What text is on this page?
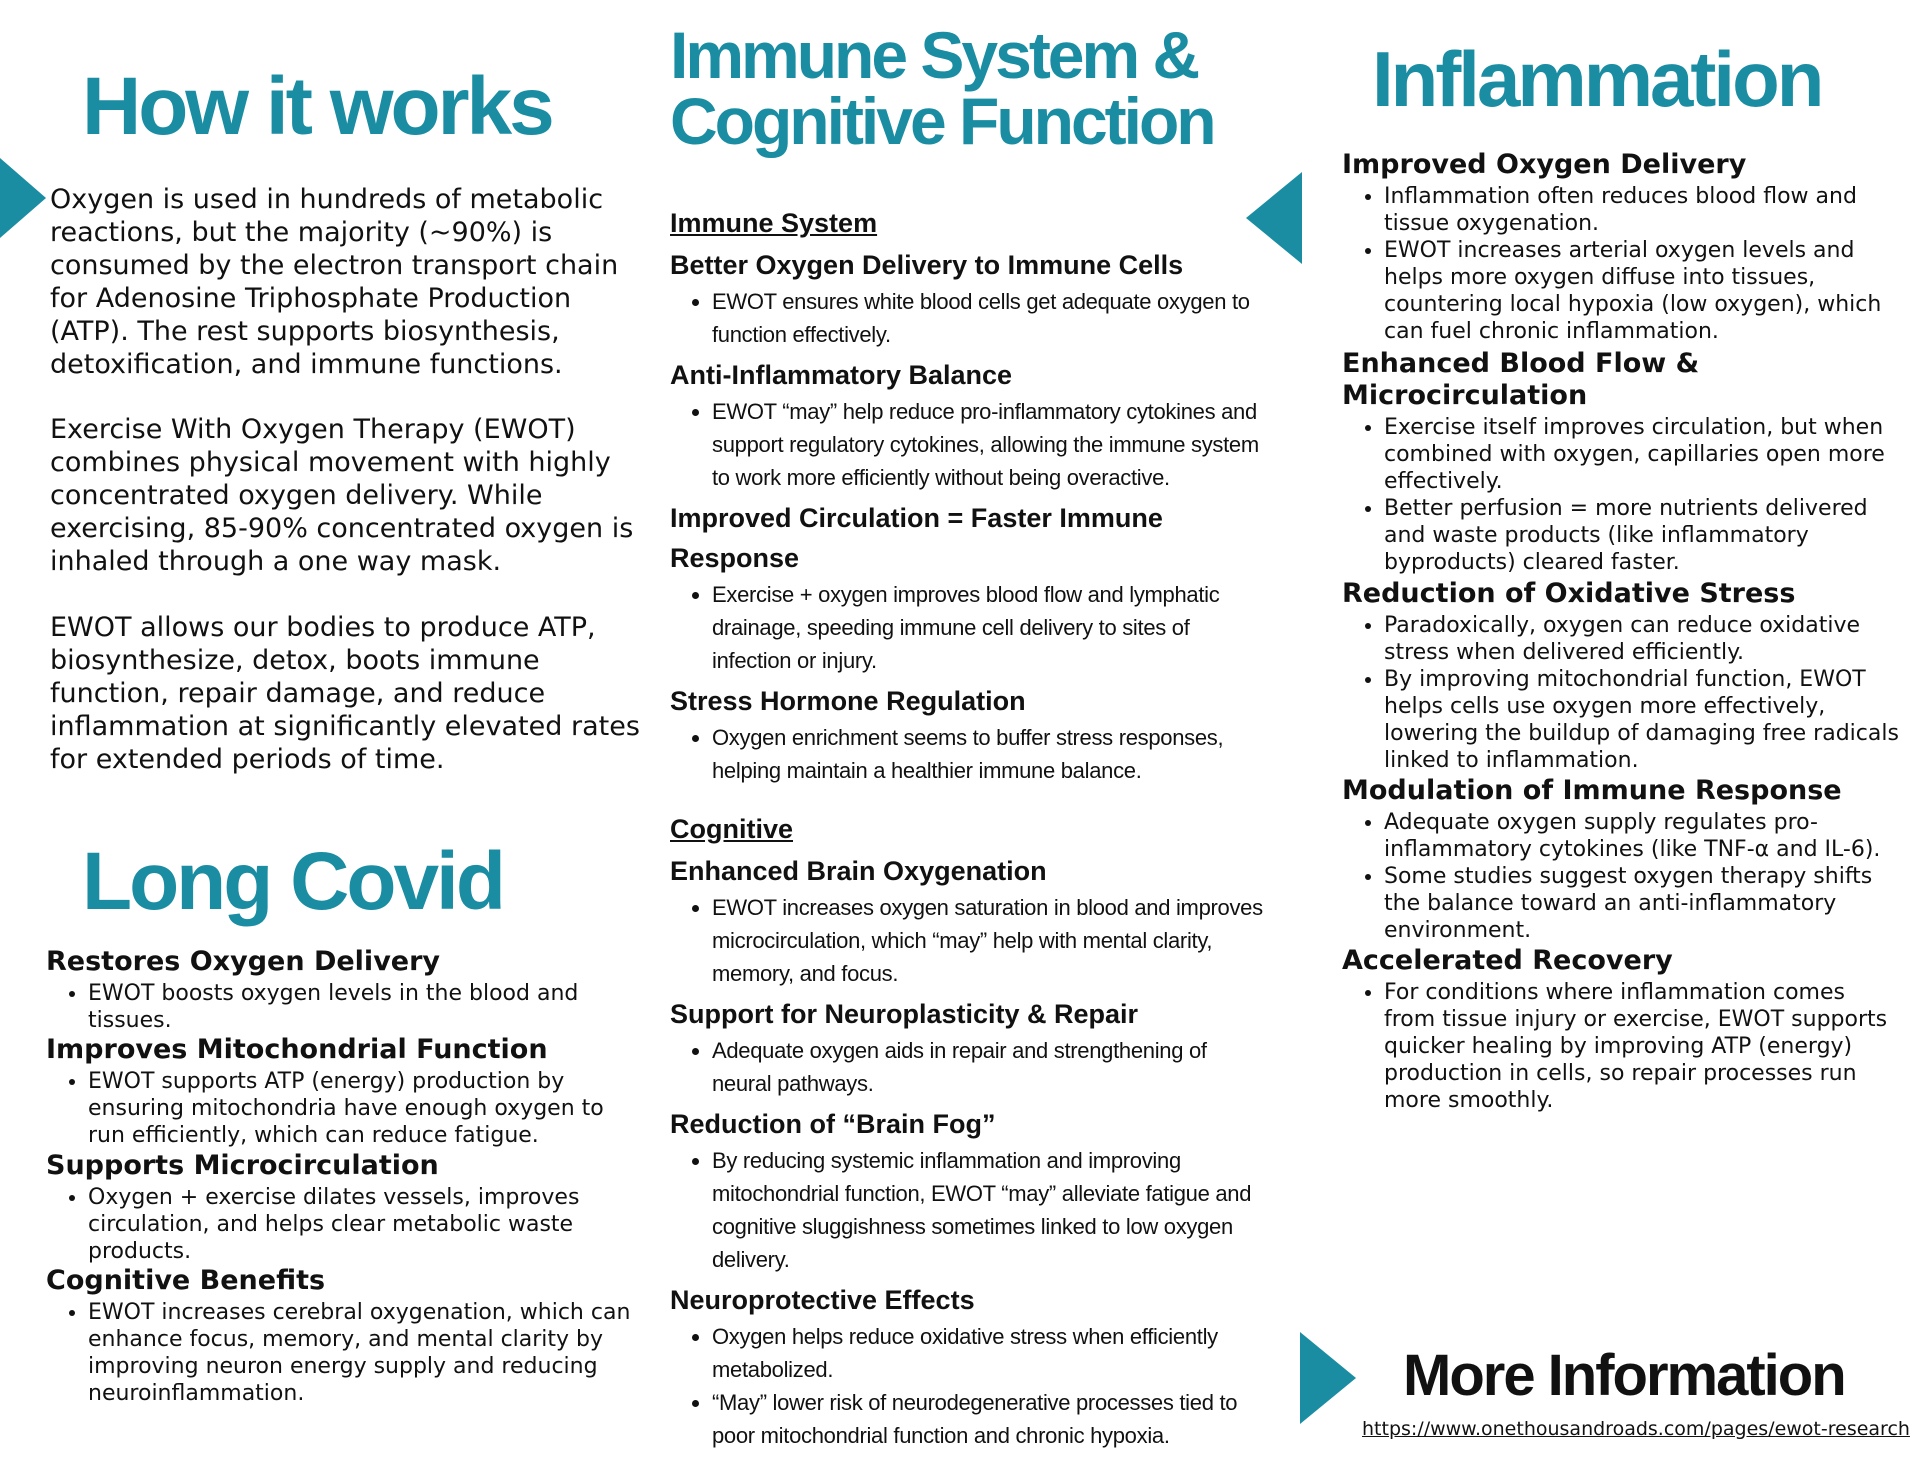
How it works

Oxygen is used in hundreds of metabolic reactions, but the majority (~90%) is consumed by the electron transport chain for Adenosine Triphosphate Production (ATP). The rest supports biosynthesis, detoxification, and immune functions.

Exercise With Oxygen Therapy (EWOT) combines physical movement with highly concentrated oxygen delivery. While exercising, 85-90% concentrated oxygen is inhaled through a one way mask.

EWOT allows our bodies to produce ATP, biosynthesize, detox, boots immune function, repair damage, and reduce inflammation at significantly elevated rates for extended periods of time.

Long Covid

Restores Oxygen Delivery

• EWOT boosts oxygen levels in the blood and tissues.

Improves Mitochondrial Function

• EWOT supports ATP (energy) production by ensuring mitochondria have enough oxygen to run efficiently, which can reduce fatigue.

Supports Microcirculation

• Oxygen + exercise dilates vessels, improves circulation, and helps clear metabolic waste products.

Cognitive Benefits

• EWOT increases cerebral oxygenation, which can enhance focus, memory, and mental clarity by improving neuron energy supply and reducing neuroinflammation.
Immune System &
Cognitive Function

Immune System

Better Oxygen Delivery to Immune Cells

• EWOT ensures white blood cells get adequate oxygen to function effectively.

Anti-Inflammatory Balance

• EWOT “may” help reduce pro-inflammatory cytokines and support regulatory cytokines, allowing the immune system to work more efficiently without being overactive.

Improved Circulation = Faster Immune Response

• Exercise + oxygen improves blood flow and lymphatic drainage, speeding immune cell delivery to sites of infection or injury.

Stress Hormone Regulation

• Oxygen enrichment seems to buffer stress responses, helping maintain a healthier immune balance.

Cognitive

Enhanced Brain Oxygenation

• EWOT increases oxygen saturation in blood and improves microcirculation, which “may” help with mental clarity, memory, and focus.

Support for Neuroplasticity & Repair

• Adequate oxygen aids in repair and strengthening of neural pathways.

Reduction of “Brain Fog”

• By reducing systemic inflammation and improving mitochondrial function, EWOT “may” alleviate fatigue and cognitive sluggishness sometimes linked to low oxygen delivery.

Neuroprotective Effects

• Oxygen helps reduce oxidative stress when efficiently metabolized.
• “May” lower risk of neurodegenerative processes tied to poor mitochondrial function and chronic hypoxia.
Inflammation

Improved Oxygen Delivery

• Inflammation often reduces blood flow and tissue oxygenation.
• EWOT increases arterial oxygen levels and helps more oxygen diffuse into tissues, countering local hypoxia (low oxygen), which can fuel chronic inflammation.

Enhanced Blood Flow & Microcirculation

• Exercise itself improves circulation, but when combined with oxygen, capillaries open more effectively.
• Better perfusion = more nutrients delivered and waste products (like inflammatory byproducts) cleared faster.

Reduction of Oxidative Stress

• Paradoxically, oxygen can reduce oxidative stress when delivered efficiently.
• By improving mitochondrial function, EWOT helps cells use oxygen more effectively, lowering the buildup of damaging free radicals linked to inflammation.

Modulation of Immune Response

• Adequate oxygen supply regulates pro-inflammatory cytokines (like TNF-α and IL-6).
• Some studies suggest oxygen therapy shifts the balance toward an anti-inflammatory environment.

Accelerated Recovery

• For conditions where inflammation comes from tissue injury or exercise, EWOT supports quicker healing by improving ATP (energy) production in cells, so repair processes run more smoothly.
More Information
https://www.onethousandroads.com/pages/ewot-research
